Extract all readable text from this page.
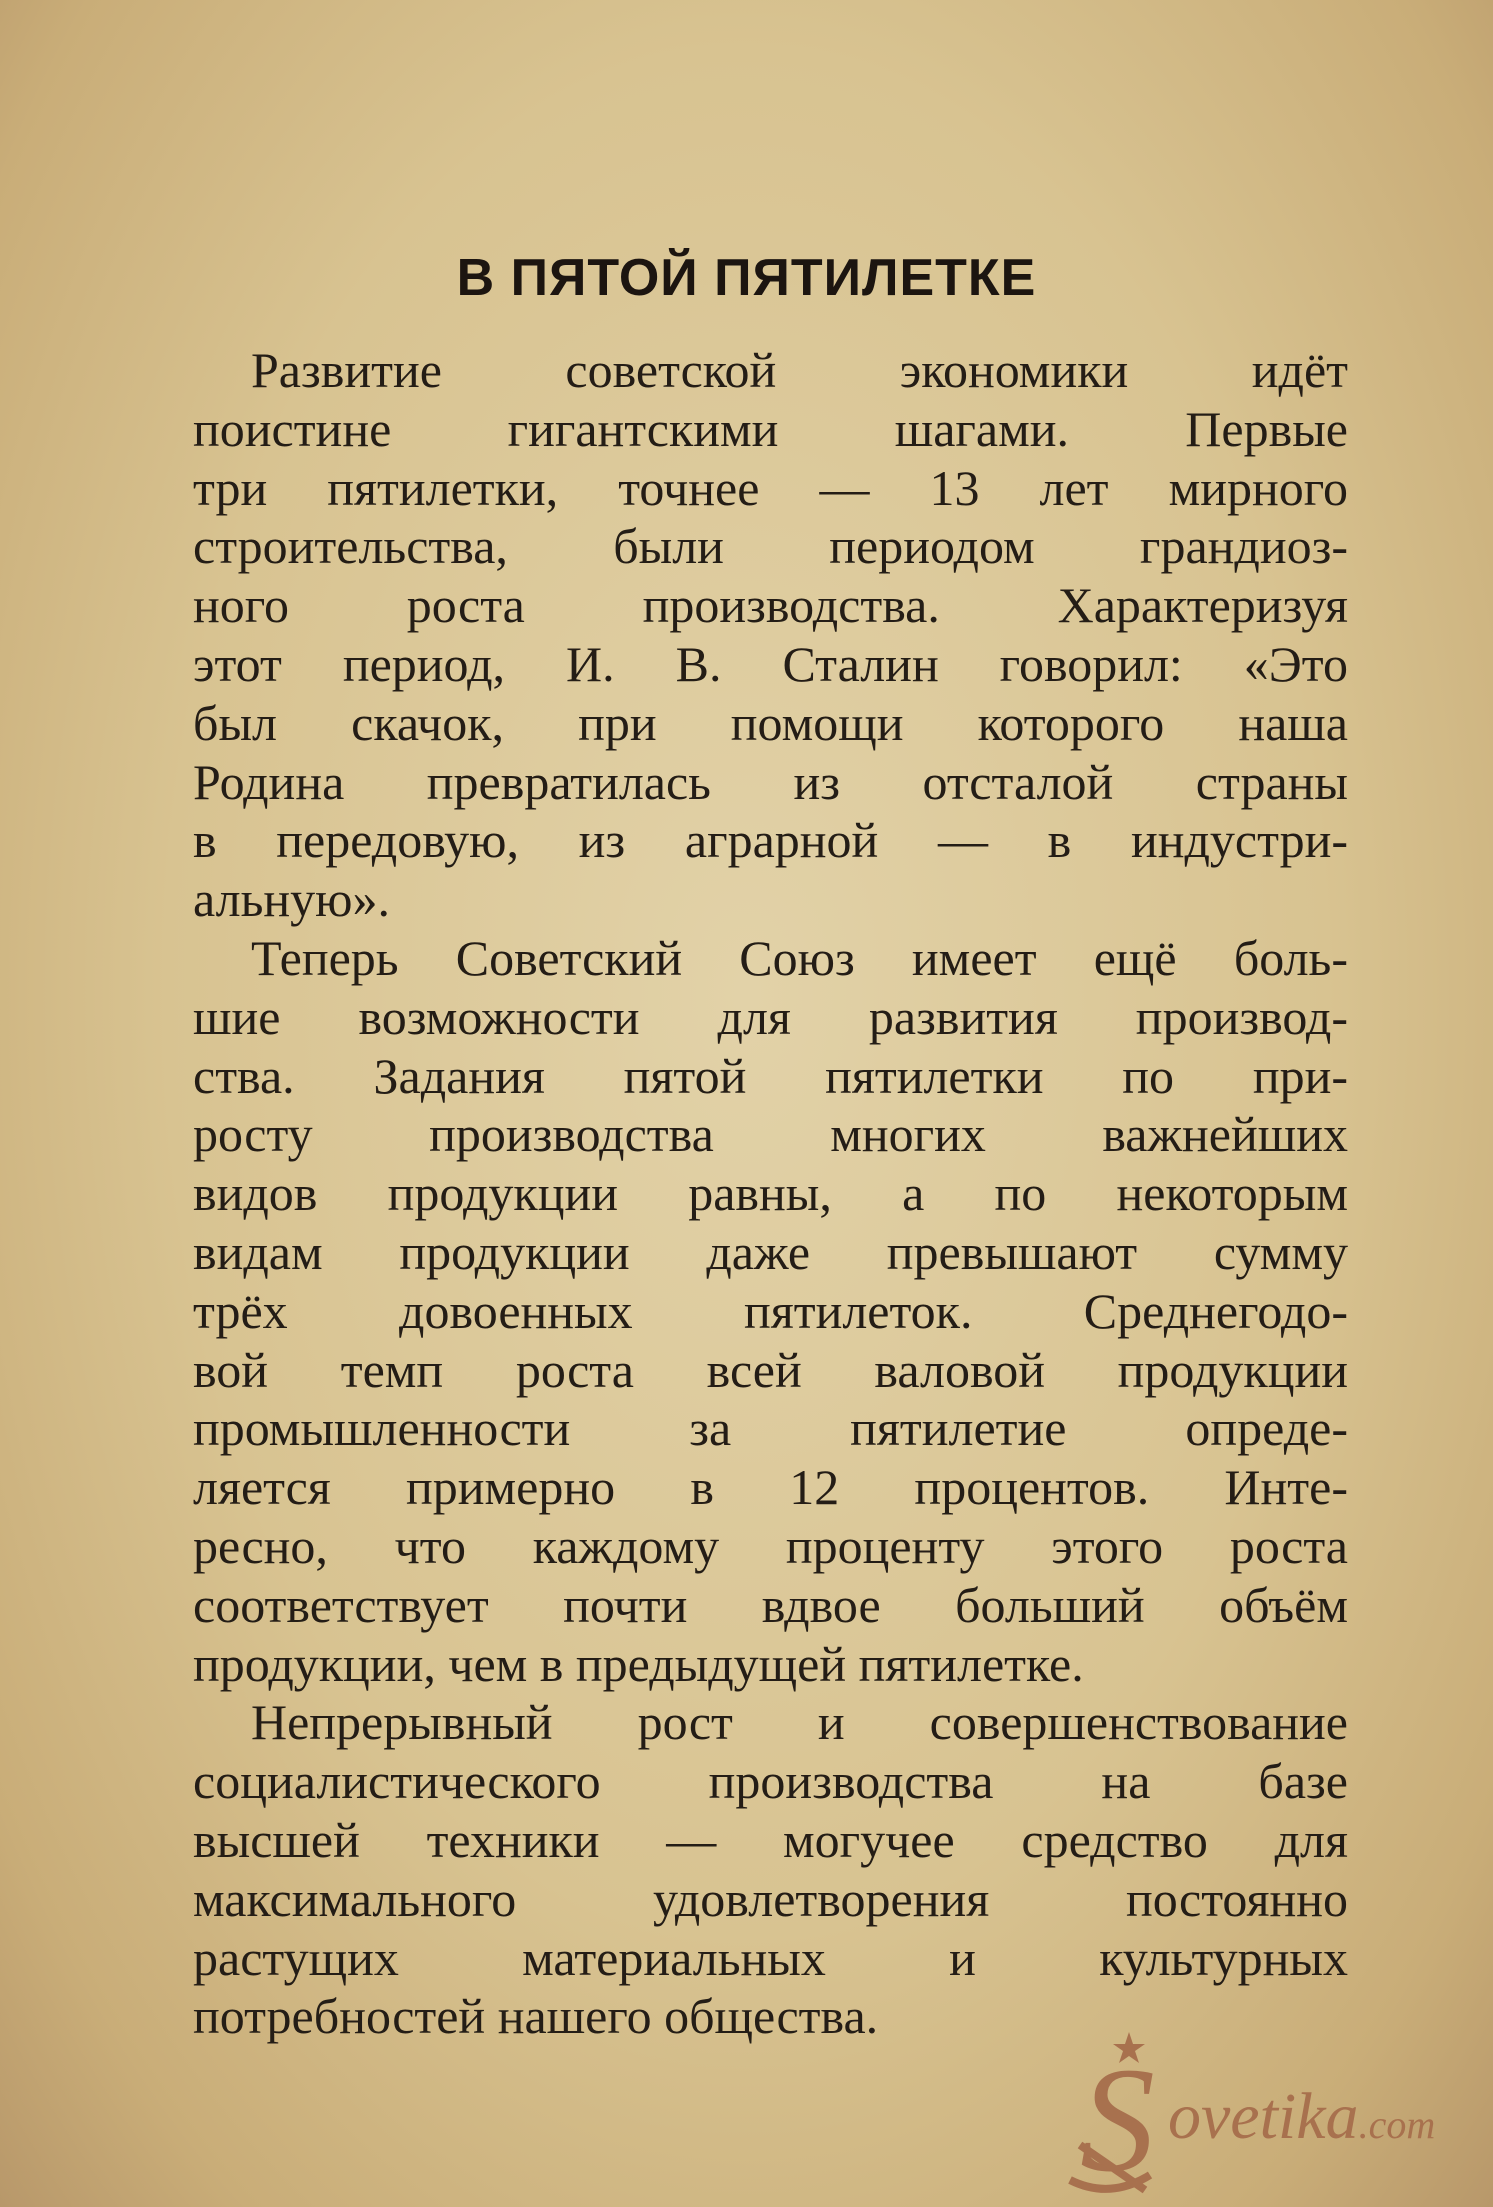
В ПЯТОЙ ПЯТИЛЕТКЕ
Развитие советской экономики идёт
поистине гигантскими шагами. Первые
три пятилетки, точнее — 13 лет мирного
строительства, были периодом грандиоз-
ного роста производства. Характеризуя
этот период, И. В. Сталин говорил: «Это
был скачок, при помощи которого наша
Родина превратилась из отсталой страны
в передовую, из аграрной — в индустри-
альную».
Теперь Советский Союз имеет ещё боль-
шие возможности для развития производ-
ства. Задания пятой пятилетки по при-
росту производства многих важнейших
видов продукции равны, а по некоторым
видам продукции даже превышают сумму
трёх довоенных пятилеток. Среднегодо-
вой темп роста всей валовой продукции
промышленности за пятилетие опреде-
ляется примерно в 12 процентов. Инте-
ресно, что каждому проценту этого роста
соответствует почти вдвое больший объём
продукции, чем в предыдущей пятилетке.
Непрерывный рост и совершенствование
социалистического производства на базе
высшей техники — могучее средство для
максимального удовлетворения постоянно
растущих материальных и культурных
потребностей нашего общества.
S ovetika.com
